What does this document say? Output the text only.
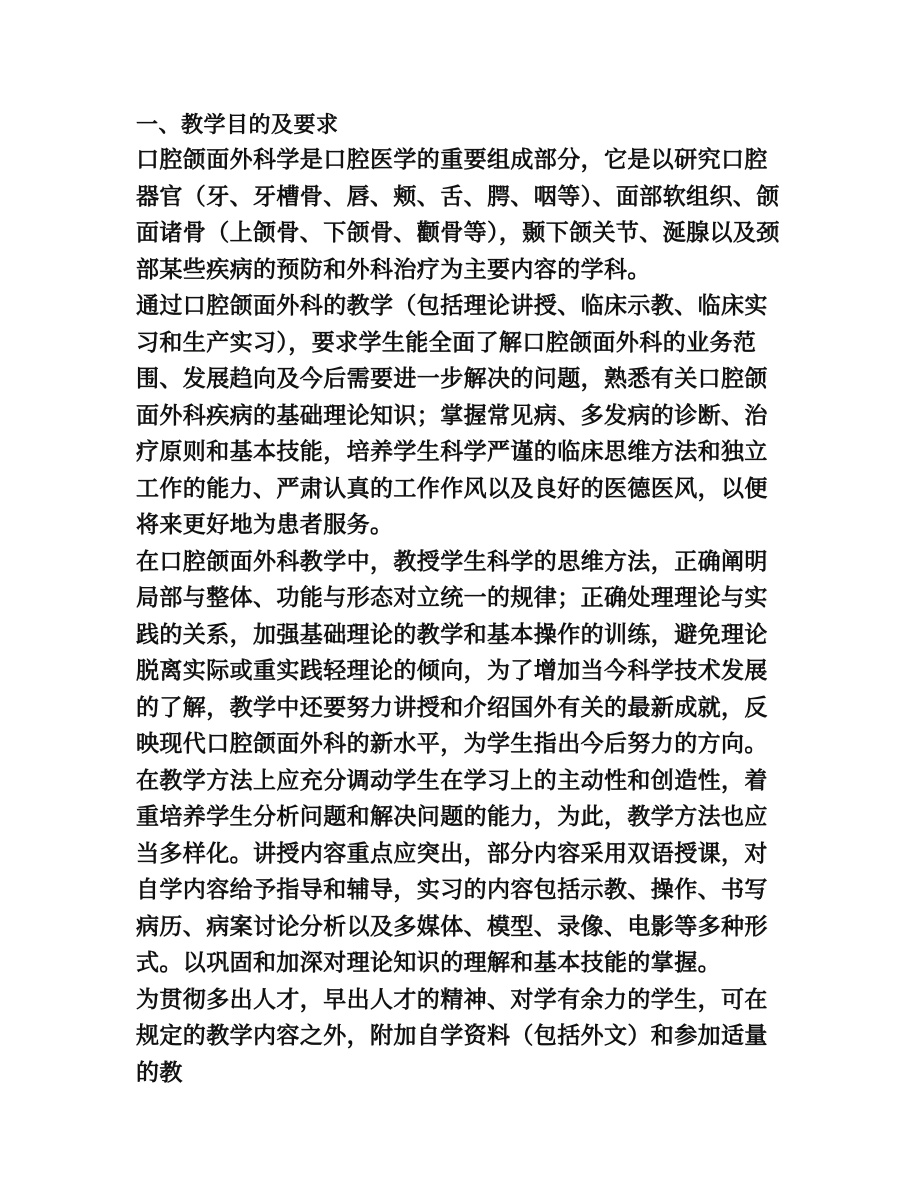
一、教学目的及要求

口腔颌面外科学是口腔医学的重要组成部分，它是以研究口腔器官（牙、牙槽骨、唇、颊、舌、腭、咽等）、面部软组织、颌面诸骨（上颌骨、下颌骨、颧骨等），颞下颌关节、涎腺以及颈部某些疾病的预防和外科治疗为主要内容的学科。

通过口腔颌面外科的教学（包括理论讲授、临床示教、临床实习和生产实习），要求学生能全面了解口腔颌面外科的业务范围、发展趋向及今后需要进一步解决的问题，熟悉有关口腔颌面外科疾病的基础理论知识；掌握常见病、多发病的诊断、治疗原则和基本技能，培养学生科学严谨的临床思维方法和独立工作的能力、严肃认真的工作作风以及良好的医德医风，以便将来更好地为患者服务。

在口腔颌面外科教学中，教授学生科学的思维方法，正确阐明局部与整体、功能与形态对立统一的规律；正确处理理论与实践的关系，加强基础理论的教学和基本操作的训练，避免理论脱离实际或重实践轻理论的倾向，为了增加当今科学技术发展的了解，教学中还要努力讲授和介绍国外有关的最新成就，反映现代口腔颌面外科的新水平，为学生指出今后努力的方向。

在教学方法上应充分调动学生在学习上的主动性和创造性，着重培养学生分析问题和解决问题的能力，为此，教学方法也应当多样化。讲授内容重点应突出，部分内容采用双语授课，对自学内容给予指导和辅导，实习的内容包括示教、操作、书写病历、病案讨论分析以及多媒体、模型、录像、电影等多种形式。以巩固和加深对理论知识的理解和基本技能的掌握。

为贯彻多出人才，早出人才的精神、对学有余力的学生，可在规定的教学内容之外，附加自学资料（包括外文）和参加适量的教
